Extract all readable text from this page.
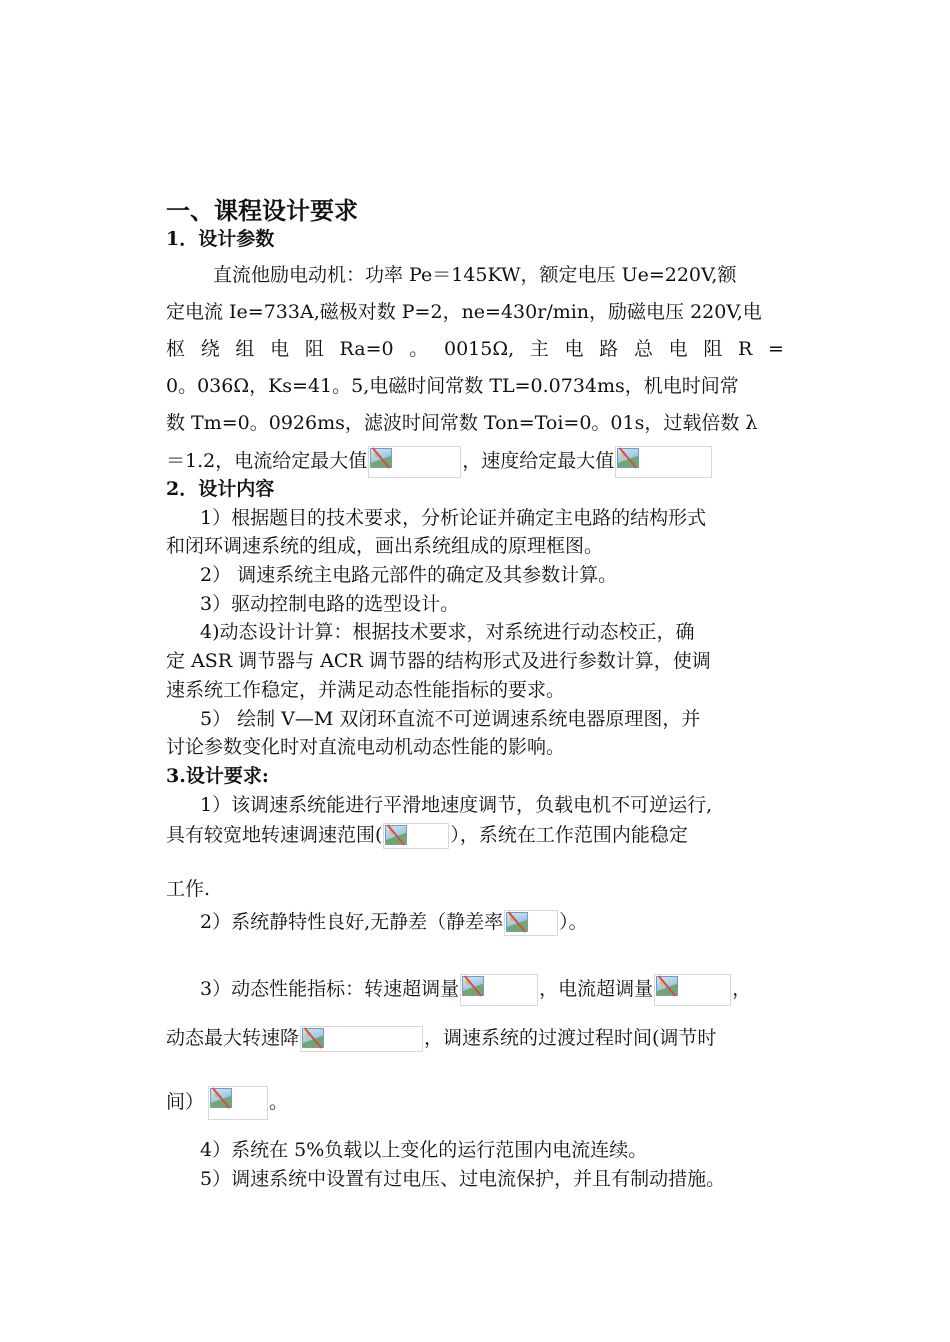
一、课程设计要求
1．设计参数
直流他励电动机：功率 Pe＝145KW，额定电压 Ue=220V,额
定电流 Ie=733A,磁极对数 P=2，ne=430r/min，励磁电压 220V,电
枢 绕 组 电 阻 Ra=0 。 0015Ω, 主 电 路 总 电 阻 R =
0。036Ω，Ks=41。5,电磁时间常数 TL=0.0734ms，机电时间常
数 Tm=0。0926ms，滤波时间常数 Ton=Toi=0。01s，过载倍数 λ
＝1.2，电流给定最大值	，速度给定最大值
2．设计内容
1）根据题目的技术要求，分析论证并确定主电路的结构形式
和闭环调速系统的组成，画出系统组成的原理框图。
2） 调速系统主电路元部件的确定及其参数计算。
3）驱动控制电路的选型设计。
4)动态设计计算：根据技术要求，对系统进行动态校正，确
定 ASR 调节器与 ACR 调节器的结构形式及进行参数计算，使调
速系统工作稳定，并满足动态性能指标的要求。
5） 绘制 V—M 双闭环直流不可逆调速系统电器原理图，并
讨论参数变化时对直流电动机动态性能的影响。
3.设计要求:
1）该调速系统能进行平滑地速度调节，负载电机不可逆运行,
具有较宽地转速调速范围(	），系统在工作范围内能稳定
工作.
2）系统静特性良好,无静差（静差率	）。
3）动态性能指标：转速超调量	，电流超调量	，
动态最大转速降	，调速系统的过渡过程时间(调节时
间）	。
4）系统在 5%负载以上变化的运行范围内电流连续。
5）调速系统中设置有过电压、过电流保护，并且有制动措施。
